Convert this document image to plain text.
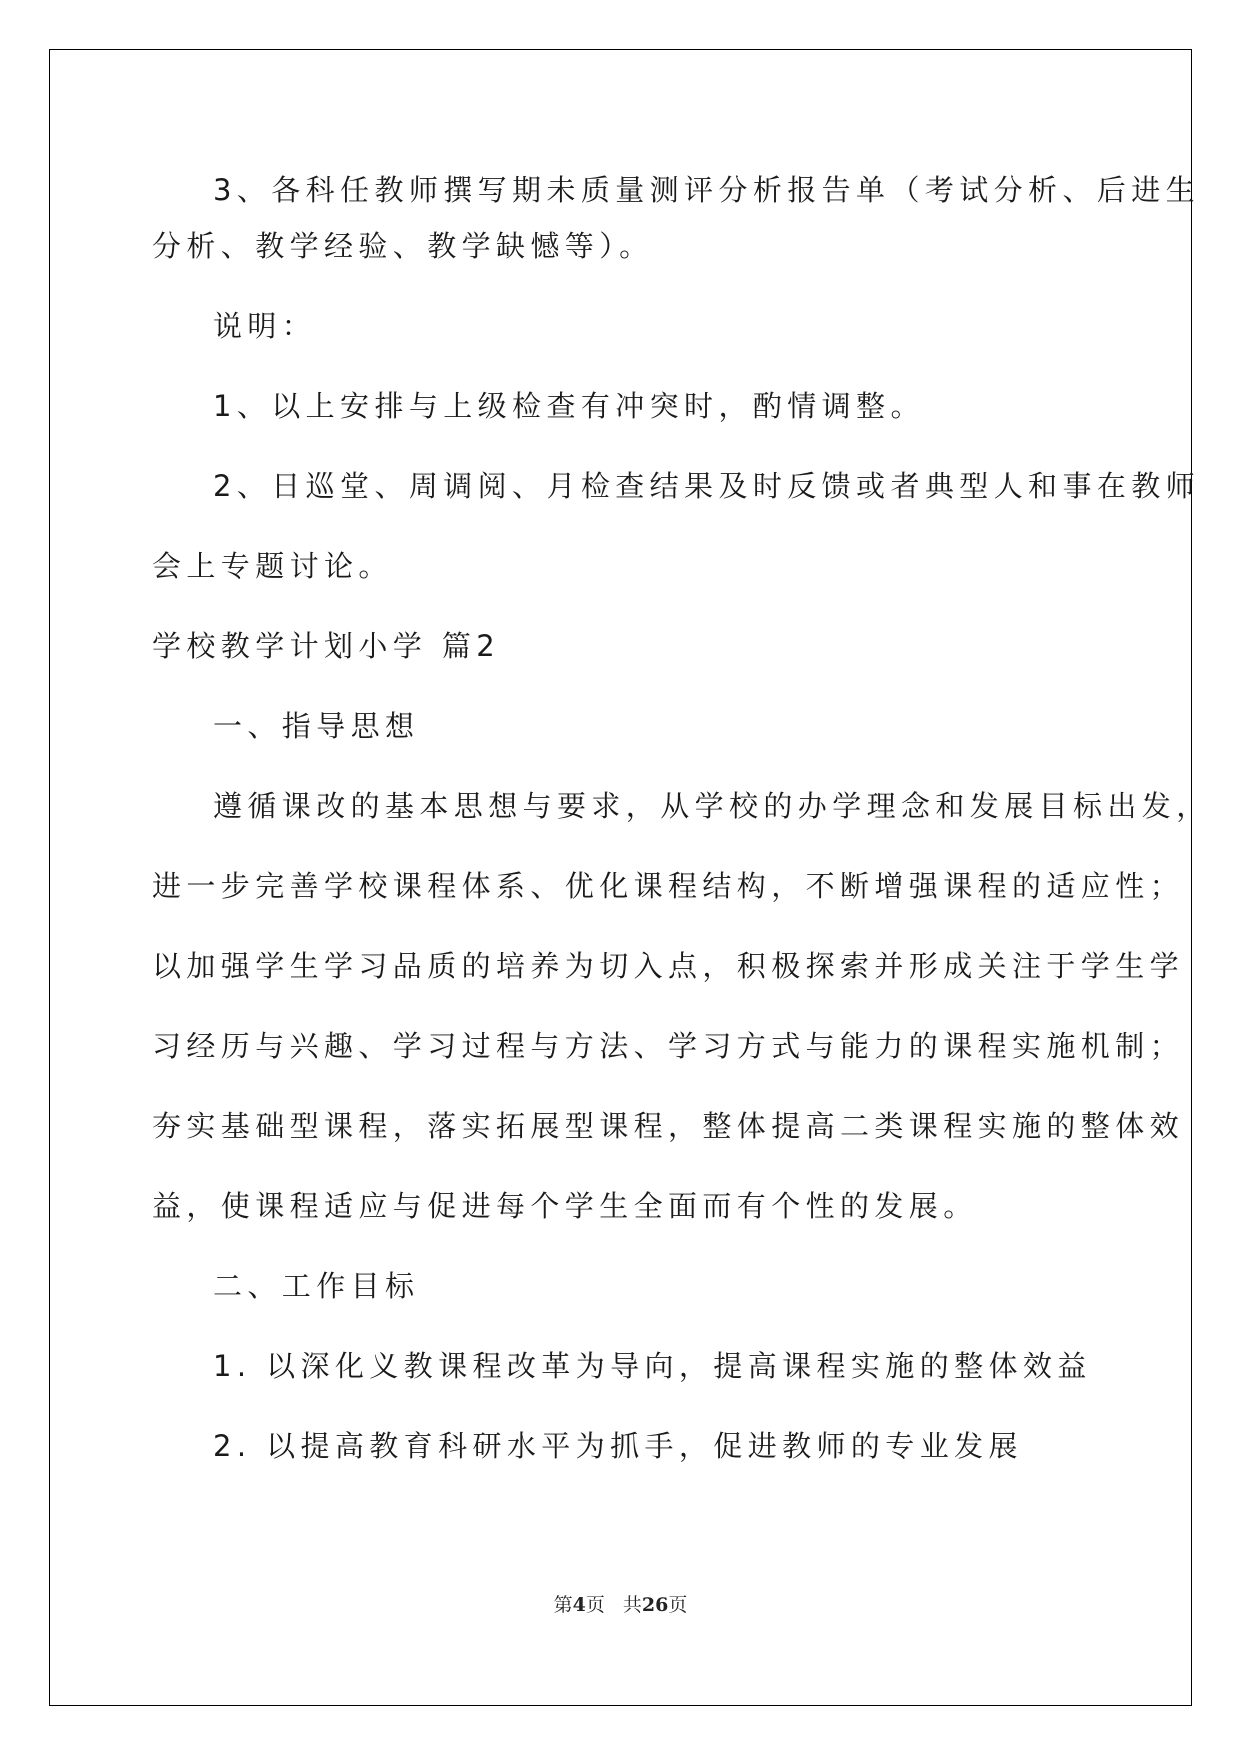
3、各科任教师撰写期未质量测评分析报告单（考试分析、后进生
分析、教学经验、教学缺憾等）。
说明：
1、以上安排与上级检查有冲突时，酌情调整。
2、日巡堂、周调阅、月检查结果及时反馈或者典型人和事在教师
会上专题讨论。
学校教学计划小学 篇2
一、指导思想
遵循课改的基本思想与要求，从学校的办学理念和发展目标出发，
进一步完善学校课程体系、优化课程结构，不断增强课程的适应性；
以加强学生学习品质的培养为切入点，积极探索并形成关注于学生学
习经历与兴趣、学习过程与方法、学习方式与能力的课程实施机制；
夯实基础型课程，落实拓展型课程，整体提高二类课程实施的整体效
益，使课程适应与促进每个学生全面而有个性的发展。
二、工作目标
1. 以深化义教课程改革为导向，提高课程实施的整体效益
2. 以提高教育科研水平为抓手，促进教师的专业发展
第4页 共26页
